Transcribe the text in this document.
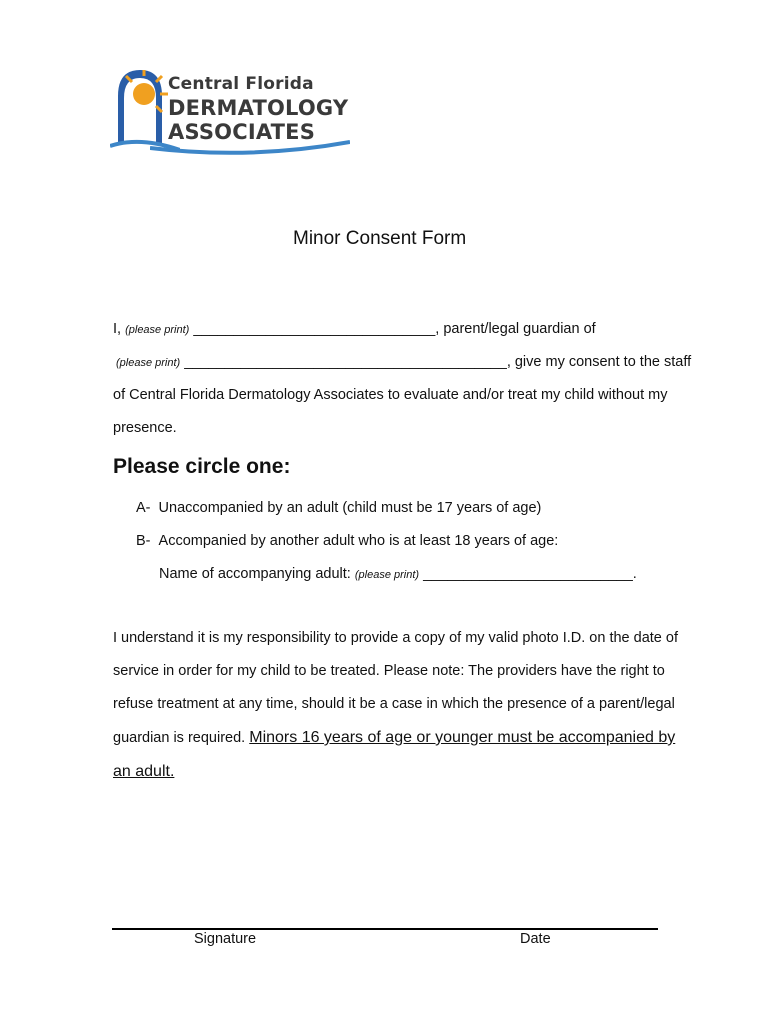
Central Florida
DERMATOLOGY
ASSOCIATES
Minor Consent Form
I, (please print) ______________________________, parent/legal guardian of
(please print) ________________________________________, give my consent to the staff
of Central Florida Dermatology Associates to evaluate and/or treat my child without my
presence.
Please circle one:
A- Unaccompanied by an adult (child must be 17 years of age)
B- Accompanied by another adult who is at least 18 years of age:
Name of accompanying adult: (please print) __________________________.
I understand it is my responsibility to provide a copy of my valid photo I.D. on the date of
service in order for my child to be treated. Please note: The providers have the right to
refuse treatment at any time, should it be a case in which the presence of a parent/legal
guardian is required. Minors 16 years of age or younger must be accompanied by
an adult.
Signature	Date
